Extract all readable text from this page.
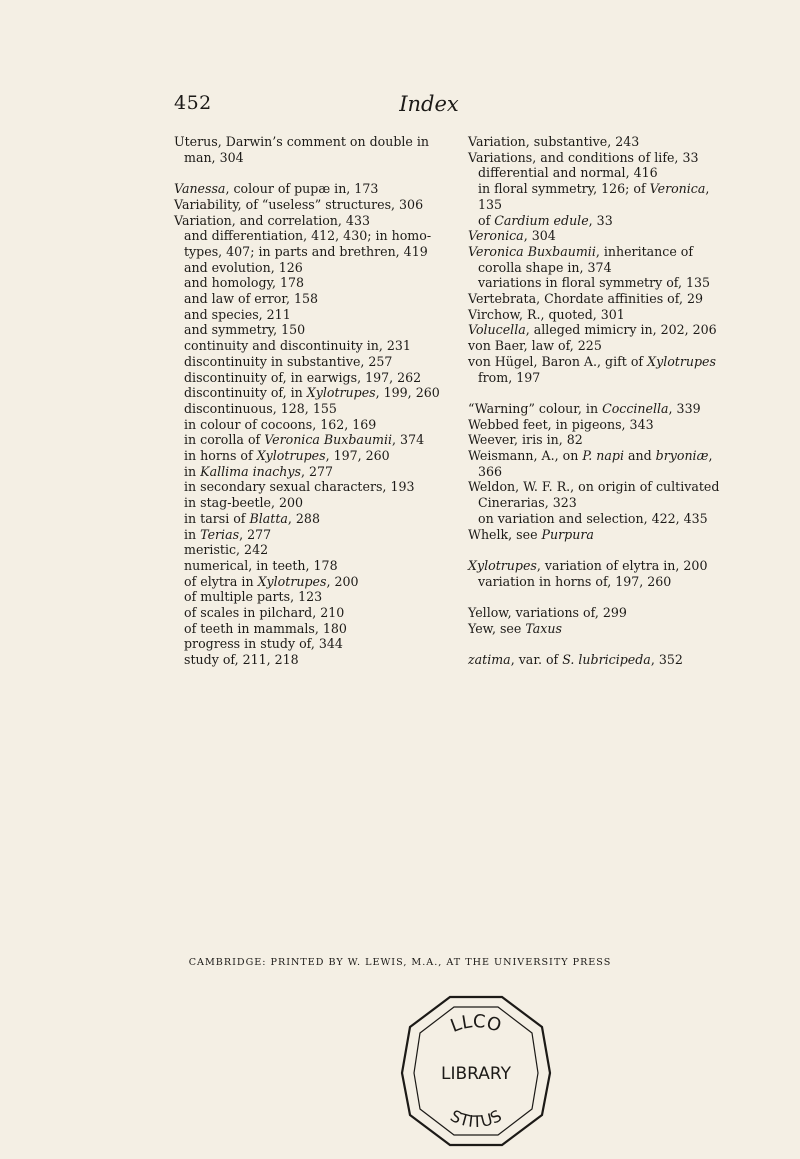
452	Index
Uterus, Darwin’s comment on double in
man, 304
Vanessa, colour of pupæ in, 173
Variability, of “useless” structures, 306
Variation, and correlation, 433
and differentiation, 412, 430; in homo-
types, 407; in parts and brethren, 419
and evolution, 126
and homology, 178
and law of error, 158
and species, 211
and symmetry, 150
continuity and discontinuity in, 231
discontinuity in substantive, 257
discontinuity of, in earwigs, 197, 262
discontinuity of, in Xylotrupes, 199, 260
discontinuous, 128, 155
in colour of cocoons, 162, 169
in corolla of Veronica Buxbaumii, 374
in horns of Xylotrupes, 197, 260
in Kallima inachys, 277
in secondary sexual characters, 193
in stag-beetle, 200
in tarsi of Blatta, 288
in Terias, 277
meristic, 242
numerical, in teeth, 178
of elytra in Xylotrupes, 200
of multiple parts, 123
of scales in pilchard, 210
of teeth in mammals, 180
progress in study of, 344
study of, 211, 218
Variation, substantive, 243
Variations, and conditions of life, 33
differential and normal, 416
in floral symmetry, 126; of Veronica,
135
of Cardium edule, 33
Veronica, 304
Veronica Buxbaumii, inheritance of
corolla shape in, 374
variations in floral symmetry of, 135
Vertebrata, Chordate affinities of, 29
Virchow, R., quoted, 301
Volucella, alleged mimicry in, 202, 206
von Baer, law of, 225
von Hügel, Baron A., gift of Xylotrupes
from, 197
“Warning” colour, in Coccinella, 339
Webbed feet, in pigeons, 343
Weever, iris in, 82
Weismann, A., on P. napi and bryoniæ,
366
Weldon, W. F. R., on origin of cultivated
Cinerarias, 323
on variation and selection, 422, 435
Whelk, see Purpura
Xylotrupes, variation of elytra in, 200
variation in horns of, 197, 260
Yellow, variations of, 299
Yew, see Taxus
zatima, var. of S. lubricipeda, 352
CAMBRIDGE: PRINTED BY W. LEWIS, M.A., AT THE UNIVERSITY PRESS
LLCO
LIBRARY
STITUS
